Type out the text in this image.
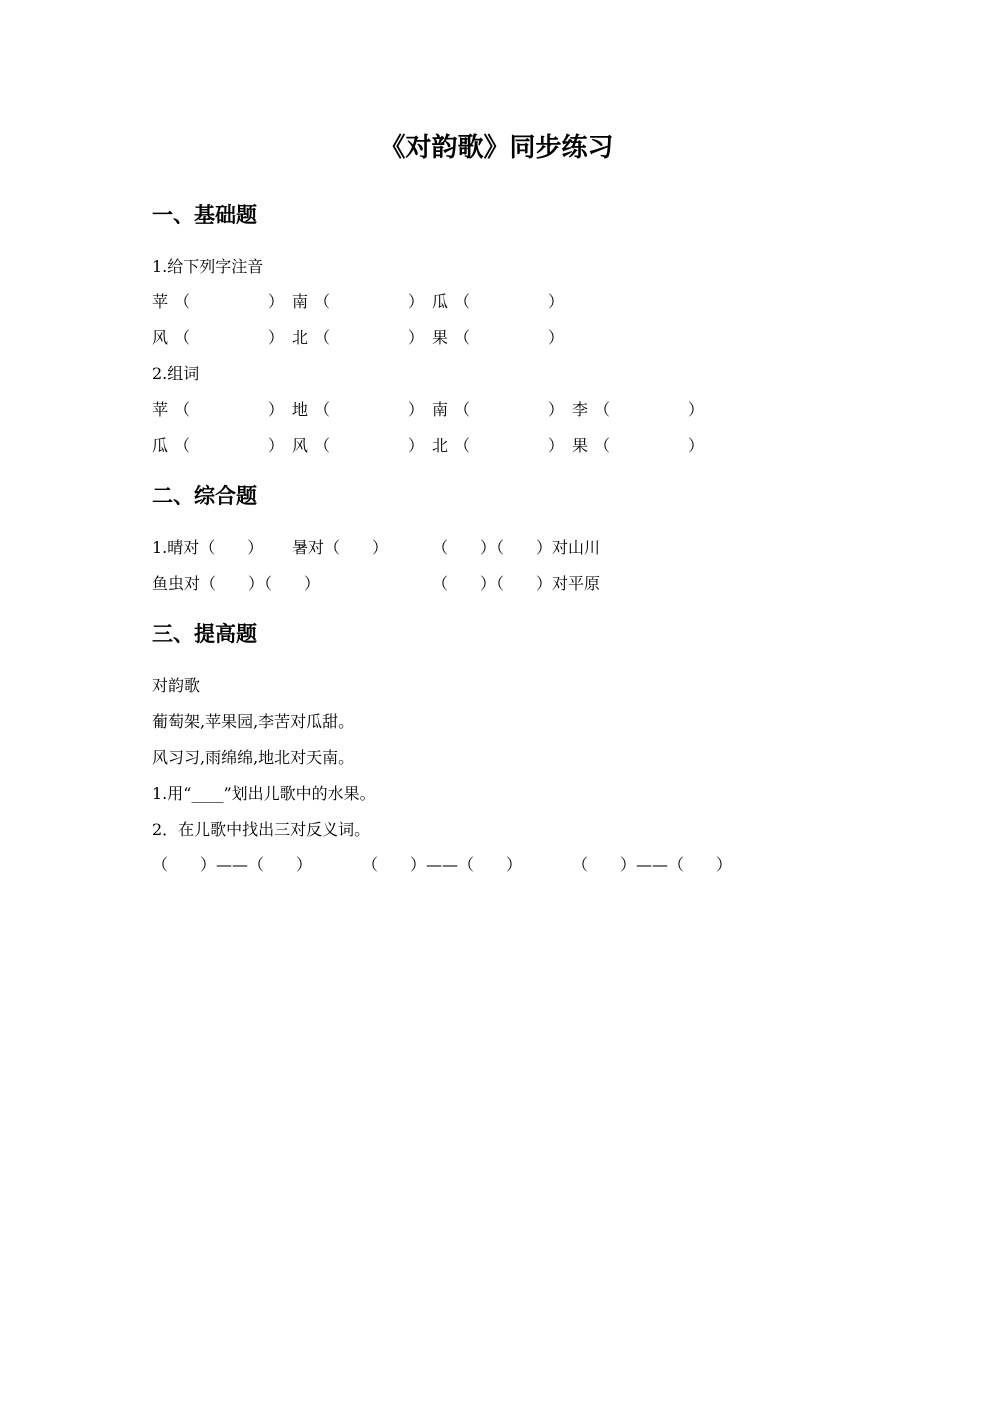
《对韵歌》同步练习
一、基础题
1.给下列字注音
苹 （	） 南 （	） 瓜 （	）
风 （	） 北 （	） 果 （	）
2.组词
苹 （	） 地 （	） 南 （	） 李 （	）
瓜 （	） 风 （	） 北 （	） 果 （	）
二、综合题
1.晴对（　　） 暑对（　　）	（　　）（　　）对山川
鱼虫对（　　）（　　）	（　　）（　　）对平原
三、提高题
对韵歌
葡萄架,苹果园,李苦对瓜甜。
风习习,雨绵绵,地北对天南。
1.用“____”划出儿歌中的水果。
2．在儿歌中找出三对反义词。
（　　）——（　　）	（　　）——（　　）	（　　）——（　　）
